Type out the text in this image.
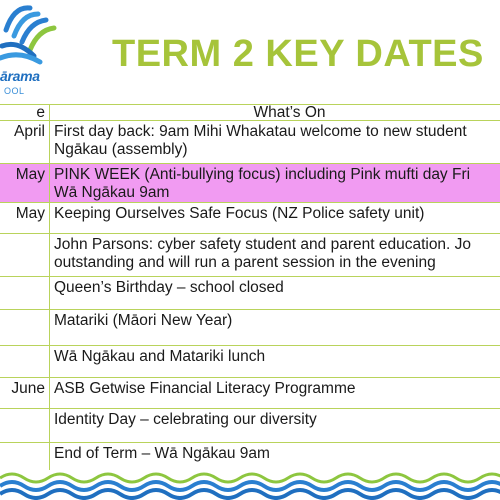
ārama
OOL
TERM 2 KEY DATES
e	What’s On
April	First day back: 9am Mihi Whakatau welcome to new student
Ngākau (assembly)

May	PINK WEEK (Anti-bullying focus) including Pink mufti day Fri
Wā Ngākau 9am

May	Keeping Ourselves Safe Focus (NZ Police safety unit)

	John Parsons: cyber safety student and parent education. Jo
outstanding and will run a parent session in the evening

	Queen’s Birthday – school closed

	Matariki (Māori New Year)

	Wā Ngākau and Matariki lunch

June	ASB Getwise Financial Literacy Programme

	Identity Day – celebrating our diversity

	End of Term – Wā Ngākau 9am
